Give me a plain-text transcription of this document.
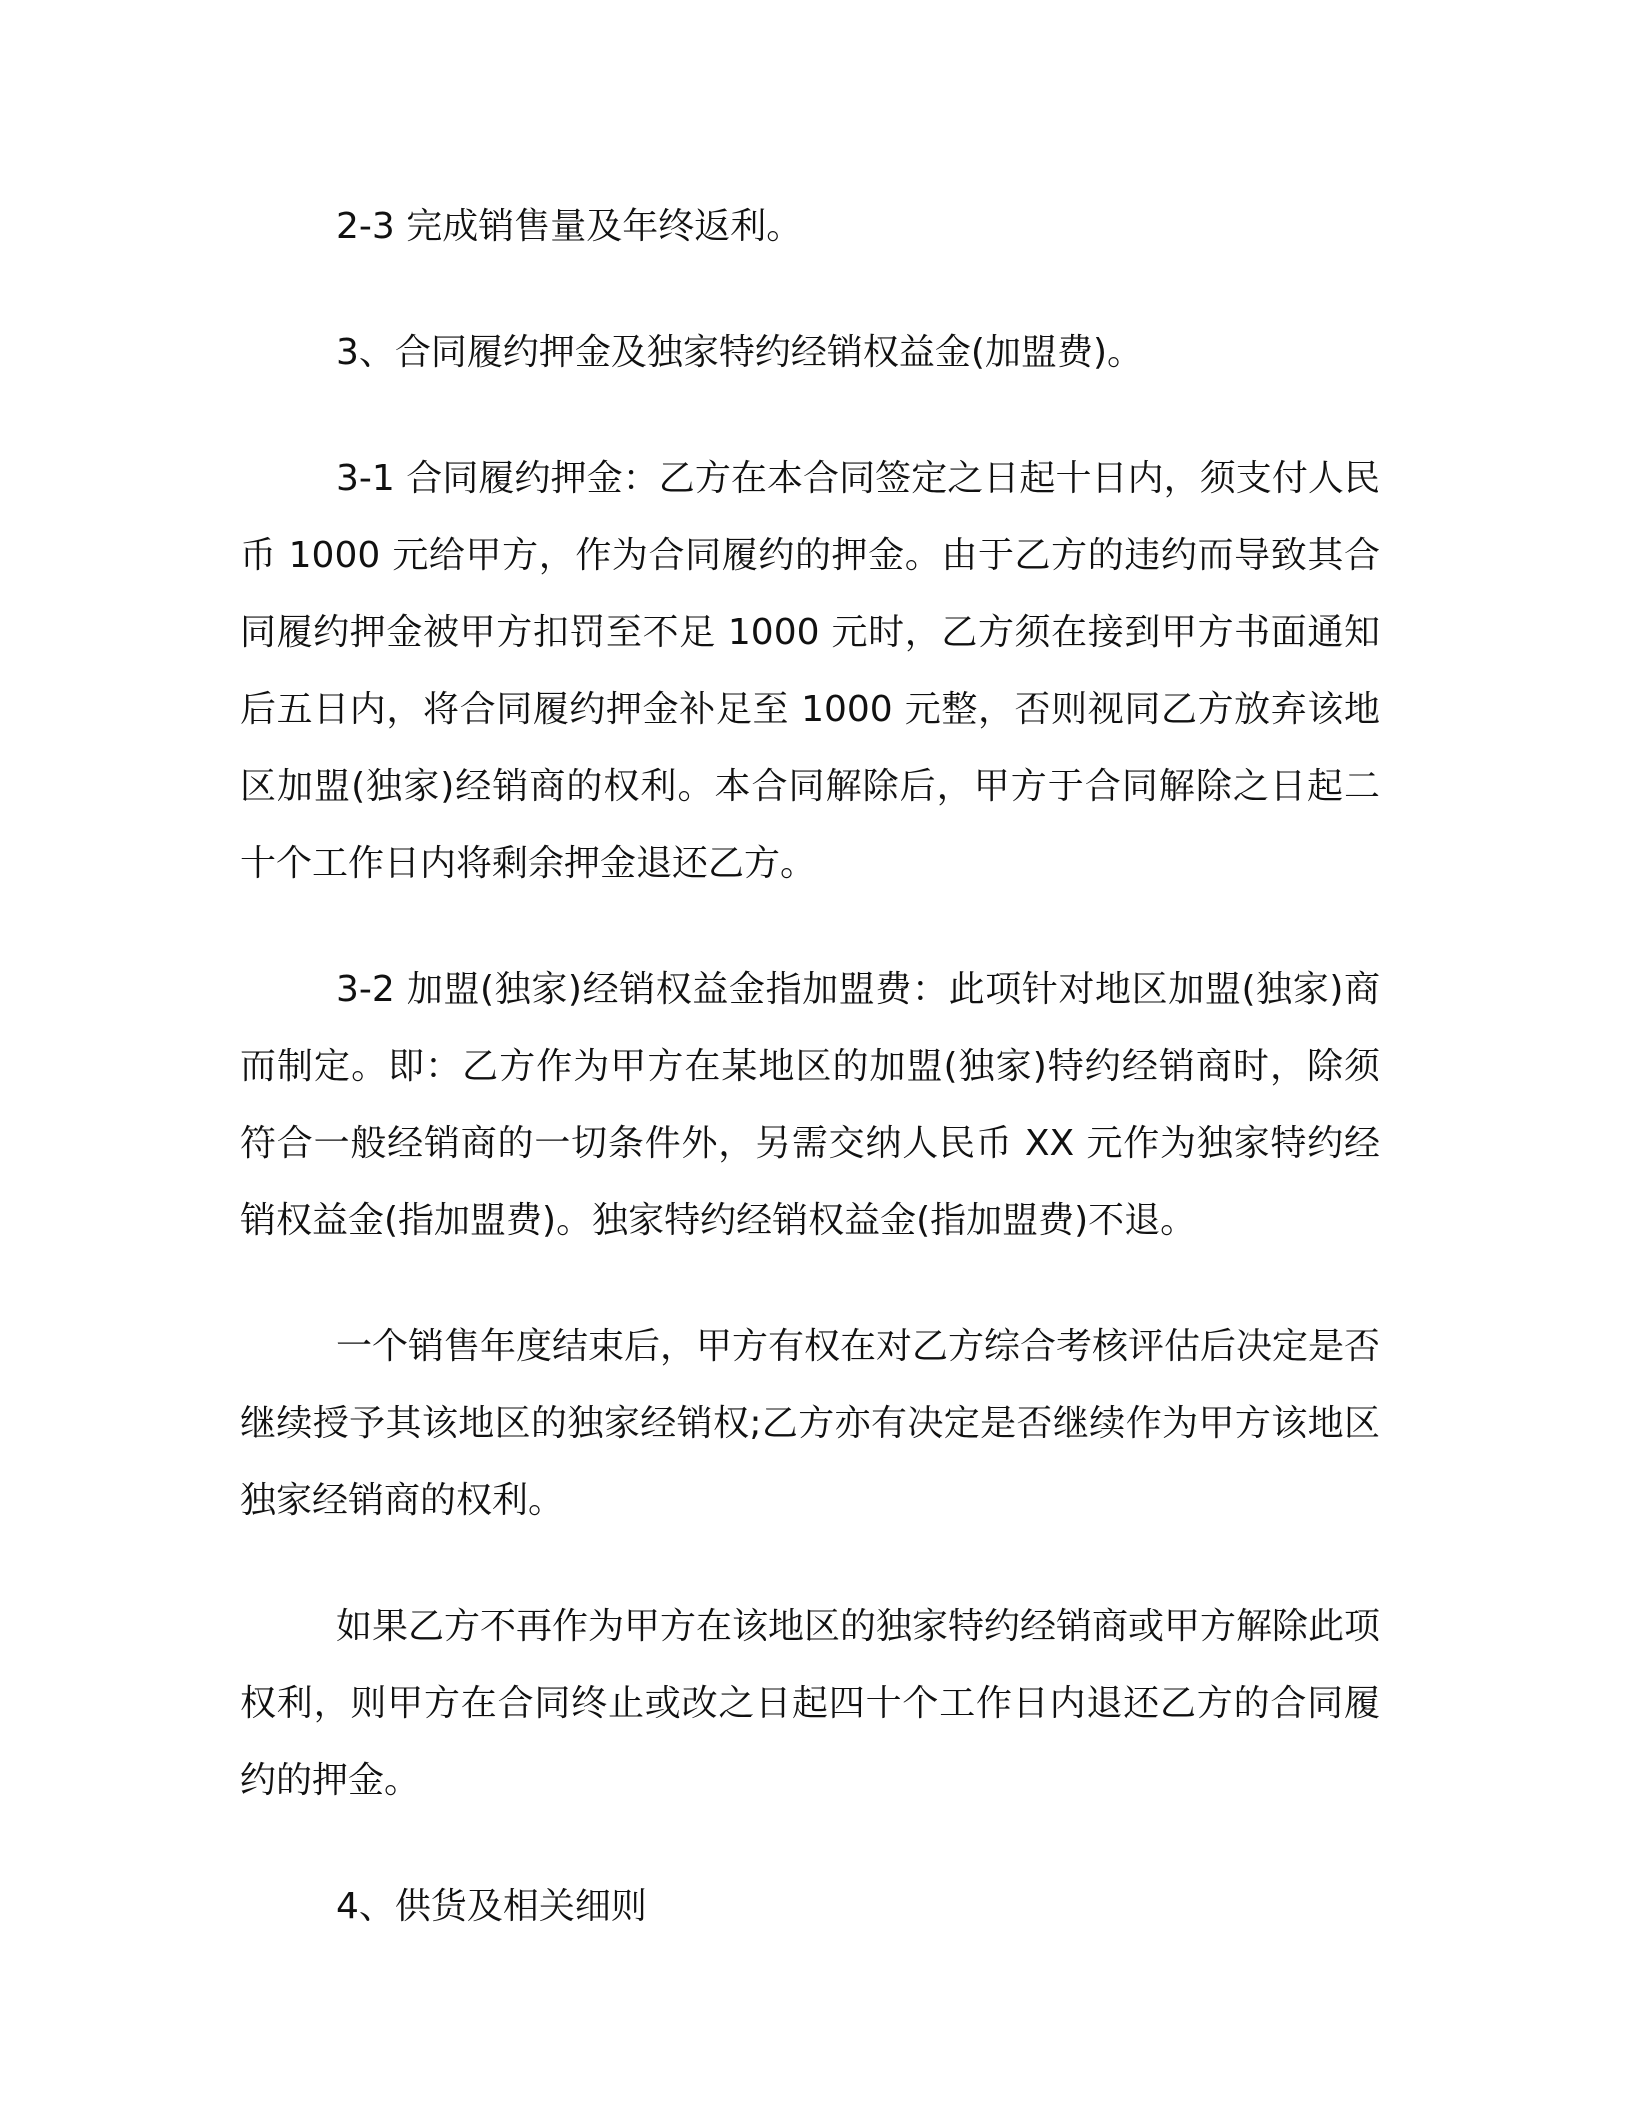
2-3 完成销售量及年终返利。

3、合同履约押金及独家特约经销权益金(加盟费)。

3-1 合同履约押金：乙方在本合同签定之日起十日内，须支付人民币 1000 元给甲方，作为合同履约的押金。由于乙方的违约而导致其合同履约押金被甲方扣罚至不足 1000 元时，乙方须在接到甲方书面通知后五日内，将合同履约押金补足至 1000 元整，否则视同乙方放弃该地区加盟(独家)经销商的权利。本合同解除后，甲方于合同解除之日起二十个工作日内将剩余押金退还乙方。

3-2 加盟(独家)经销权益金指加盟费：此项针对地区加盟(独家)商而制定。即：乙方作为甲方在某地区的加盟(独家)特约经销商时，除须符合一般经销商的一切条件外，另需交纳人民币 XX 元作为独家特约经销权益金(指加盟费)。独家特约经销权益金(指加盟费)不退。

一个销售年度结束后，甲方有权在对乙方综合考核评估后决定是否继续授予其该地区的独家经销权;乙方亦有决定是否继续作为甲方该地区独家经销商的权利。

如果乙方不再作为甲方在该地区的独家特约经销商或甲方解除此项权利，则甲方在合同终止或改之日起四十个工作日内退还乙方的合同履约的押金。

4、供货及相关细则
